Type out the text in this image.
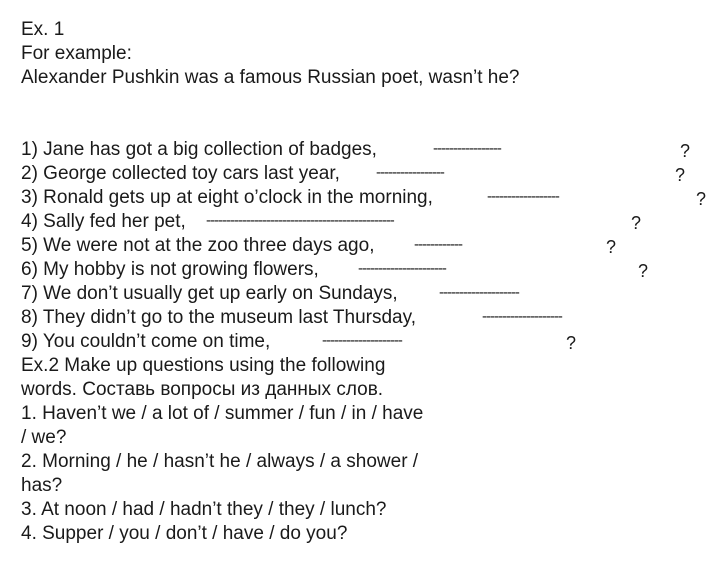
Ex. 1
For example:
Alexander Pushkin was a famous Russian poet, wasn’t he?
1) Jane has got a big collection of badges,	-----------------	?
2) George collected toy cars last year, -----------------	?
3) Ronald gets up at eight o’clock in the morning,	------------------	?
4) Sally fed her pet, -----------------------------------------------	?
5) We were not at the zoo three days ago,	------------	?
6) My hobby is not growing flowers,	----------------------	?
7) We don’t usually get up early on Sundays,	--------------------
8) They didn’t go to the museum last Thursday,	--------------------
9) You couldn’t come on time,	--------------------	?
Ex.2 Make up questions using the following
words. Составь вопросы из данных слов.
1. Haven’t we / a lot of / summer / fun / in / have
/ we?
2. Morning / he / hasn’t he / always / a shower /
has?
3. At noon / had / hadn’t they / they / lunch?
4. Supper / you / don’t / have / do you?
